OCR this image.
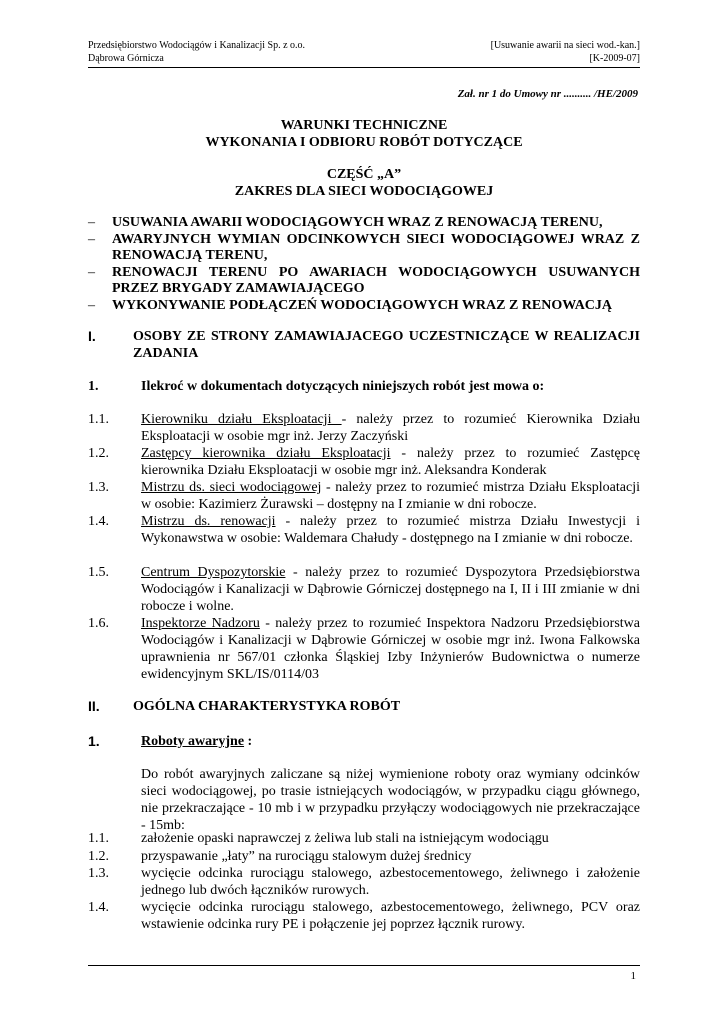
Przedsiębiorstwo Wodociągów i Kanalizacji Sp. z o.o.	[Usuwanie awarii na sieci wod.-kan.]
Dąbrowa Górnicza	[K-2009-07]
Zał. nr 1 do Umowy nr .......... /HE/2009
WARUNKI TECHNICZNE
WYKONANIA I ODBIORU ROBÓT DOTYCZĄCE
CZĘŚĆ „A”
ZAKRES DLA SIECI WODOCIĄGOWEJ
– USUWANIA AWARII WODOCIĄGOWYCH WRAZ Z RENOWACJĄ TERENU,
– AWARYJNYCH WYMIAN ODCINKOWYCH SIECI WODOCIĄGOWEJ WRAZ Z RENOWACJĄ TERENU,
– RENOWACJI TERENU PO AWARIACH WODOCIĄGOWYCH USUWANYCH PRZEZ BRYGADY ZAMAWIAJĄCEGO
– WYKONYWANIE PODŁĄCZEŃ WODOCIĄGOWYCH WRAZ Z RENOWACJĄ
I.	OSOBY ZE STRONY ZAMAWIAJACEGO UCZESTNICZĄCE W REALIZACJI ZADANIA
1.	Ilekroć w dokumentach dotyczących niniejszych robót jest mowa o:
1.1. Kierowniku działu Eksploatacji - należy przez to rozumieć Kierownika Działu Eksploatacji w osobie mgr inż. Jerzy Zaczyński
1.2. Zastępcy kierownika działu Eksploatacji - należy przez to rozumieć Zastępcę kierownika Działu Eksploatacji w osobie mgr inż. Aleksandra Konderak
1.3. Mistrzu ds. sieci wodociągowej - należy przez to rozumieć mistrza Działu Eksploatacji w osobie: Kazimierz Żurawski – dostępny na I zmianie w dni robocze.
1.4. Mistrzu ds. renowacji - należy przez to rozumieć mistrza Działu Inwestycji i Wykonawstwa w osobie: Waldemara Chałudy - dostępnego na I zmianie w dni robocze.
1.5. Centrum Dyspozytorskie - należy przez to rozumieć Dyspozytora Przedsiębiorstwa Wodociągów i Kanalizacji w Dąbrowie Górniczej dostępnego na I, II i III zmianie w dni robocze i wolne.
1.6. Inspektorze Nadzoru - należy przez to rozumieć Inspektora Nadzoru Przedsiębiorstwa Wodociągów i Kanalizacji w Dąbrowie Górniczej w osobie mgr inż. Iwona Falkowska uprawnienia nr 567/01 członka Śląskiej Izby Inżynierów Budownictwa o numerze ewidencyjnym SKL/IS/0114/03
II. OGÓLNA CHARAKTERYSTYKA ROBÓT
1.	Roboty awaryjne :
Do robót awaryjnych zaliczane są niżej wymienione roboty oraz wymiany odcinków sieci wodociągowej, po trasie istniejących wodociągów, w przypadku ciągu głównego, nie przekraczające - 10 mb i w przypadku przyłączy wodociągowych nie przekraczające - 15mb:
1.1. założenie opaski naprawczej z żeliwa lub stali na istniejącym wodociągu
1.2. przyspawanie „łaty” na rurociągu stalowym dużej średnicy
1.3. wycięcie odcinka rurociągu stalowego, azbestocementowego, żeliwnego i założenie jednego lub dwóch łączników rurowych.
1.4. wycięcie odcinka rurociągu stalowego, azbestocementowego, żeliwnego, PCV oraz wstawienie odcinka rury PE i połączenie jej poprzez łącznik rurowy.
1
